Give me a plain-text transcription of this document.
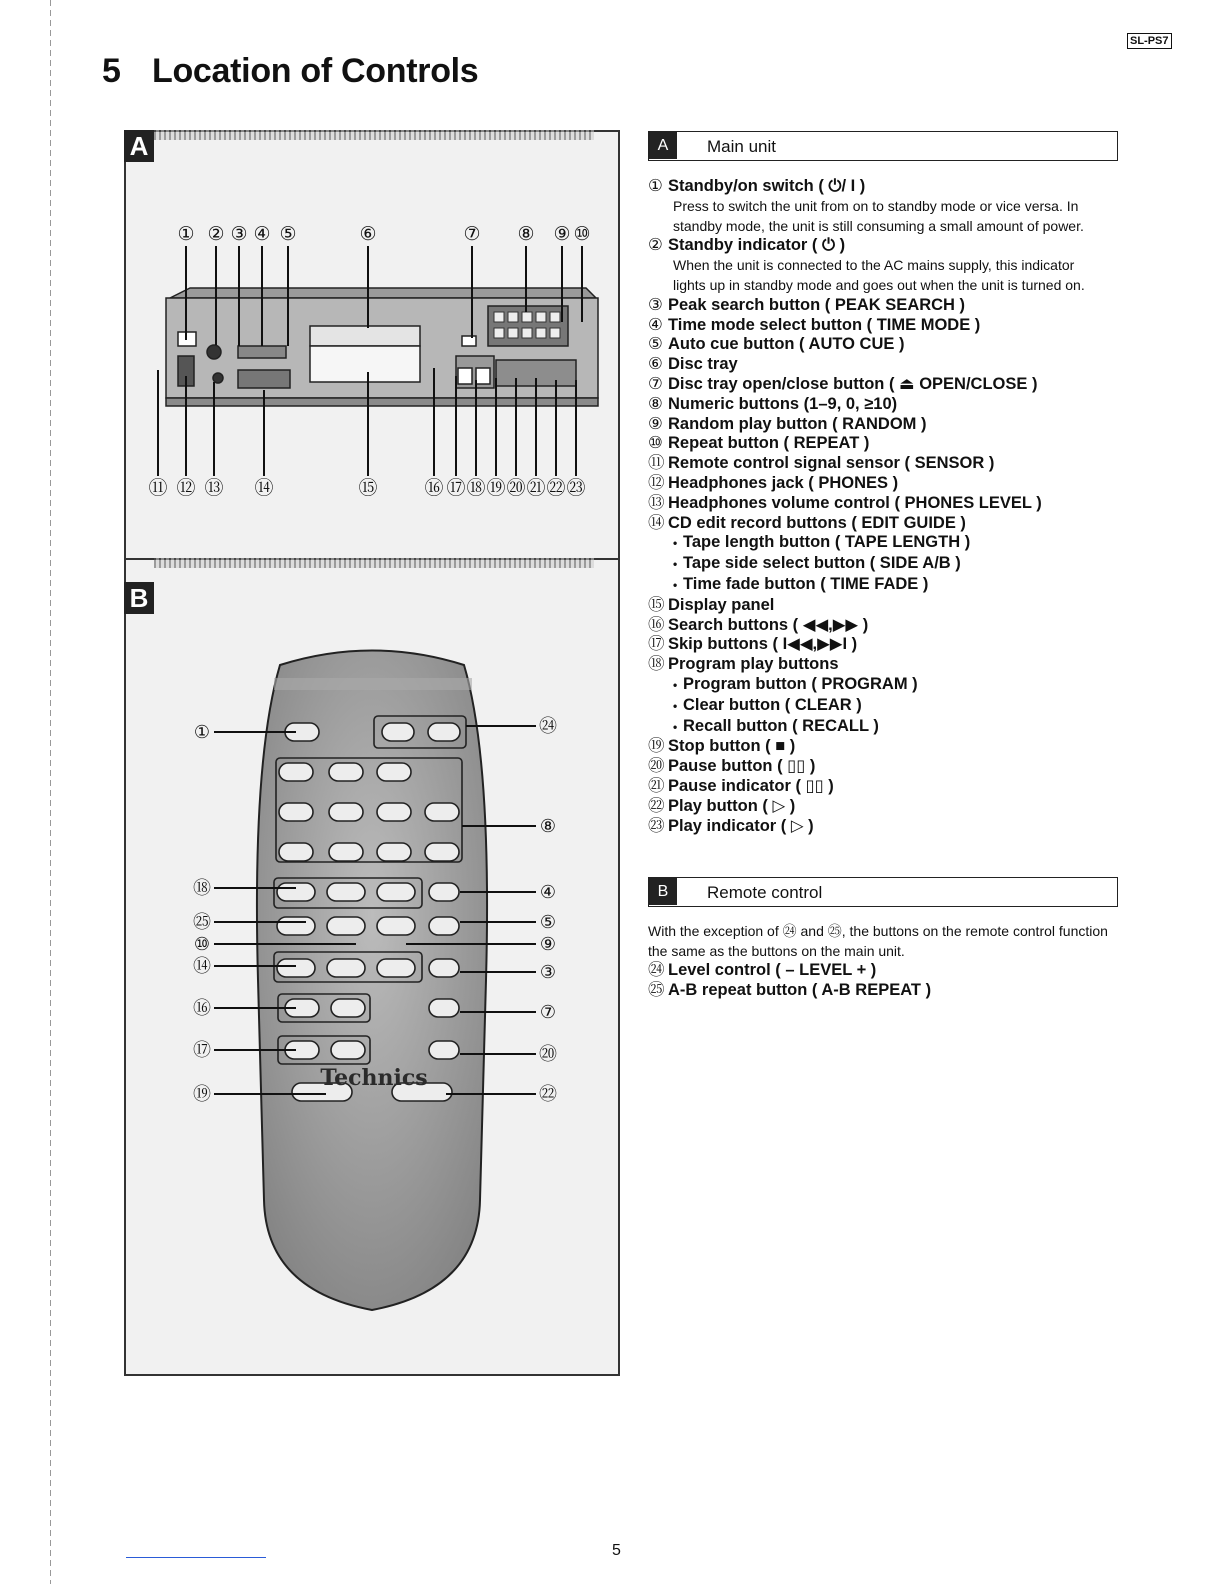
SL-PS7
5 Location of Controls
A
① ② ③ ④ ⑤	⑥	⑦ ⑧ ⑨ ⑩
⑪ ⑫ ⑬ ⑭	⑮ ⑯ ⑰ ⑱ ⑲ ⑳ ㉑ ㉒ ㉓
B
Technics
①
⑱
㉕
⑩
⑭
⑯
⑰
⑲
㉔
⑧
④
⑤
⑨
③
⑦
⑳
㉒
A	Main unit
① Standby/on switch ( ⏻/ I )
Press to switch the unit from on to standby mode or vice versa. In
standby mode, the unit is still consuming a small amount of power.
② Standby indicator ( ⏻ )
When the unit is connected to the AC mains supply, this indicator
lights up in standby mode and goes out when the unit is turned on.
③ Peak search button ( PEAK SEARCH )
④ Time mode select button ( TIME MODE )
⑤ Auto cue button ( AUTO CUE )
⑥ Disc tray
⑦ Disc tray open/close button ( ⏏ OPEN/CLOSE )
⑧ Numeric buttons (1–9, 0, ≥10)
⑨ Random play button ( RANDOM )
⑩ Repeat button ( REPEAT )
⑪ Remote control signal sensor ( SENSOR )
⑫ Headphones jack ( PHONES )
⑬ Headphones volume control ( PHONES LEVEL )
⑭ CD edit record buttons ( EDIT GUIDE )
• Tape length button ( TAPE LENGTH )
• Tape side select button ( SIDE A/B )
• Time fade button ( TIME FADE )
⑮ Display panel
⑯ Search buttons ( ◀◀,▶▶ )
⑰ Skip buttons ( I◀◀,▶▶I )
⑱ Program play buttons
• Program button ( PROGRAM )
• Clear button ( CLEAR )
• Recall button ( RECALL )
⑲ Stop button ( ■ )
⑳ Pause button ( ▯▯ )
㉑ Pause indicator ( ▯▯ )
㉒ Play button ( ▷ )
㉓ Play indicator ( ▷ )
B	Remote control

With the exception of ㉔ and ㉕, the buttons on the remote control function the same as the buttons on the main unit.

㉔ Level control ( – LEVEL + )
㉕ A-B repeat button ( A-B REPEAT )
5
